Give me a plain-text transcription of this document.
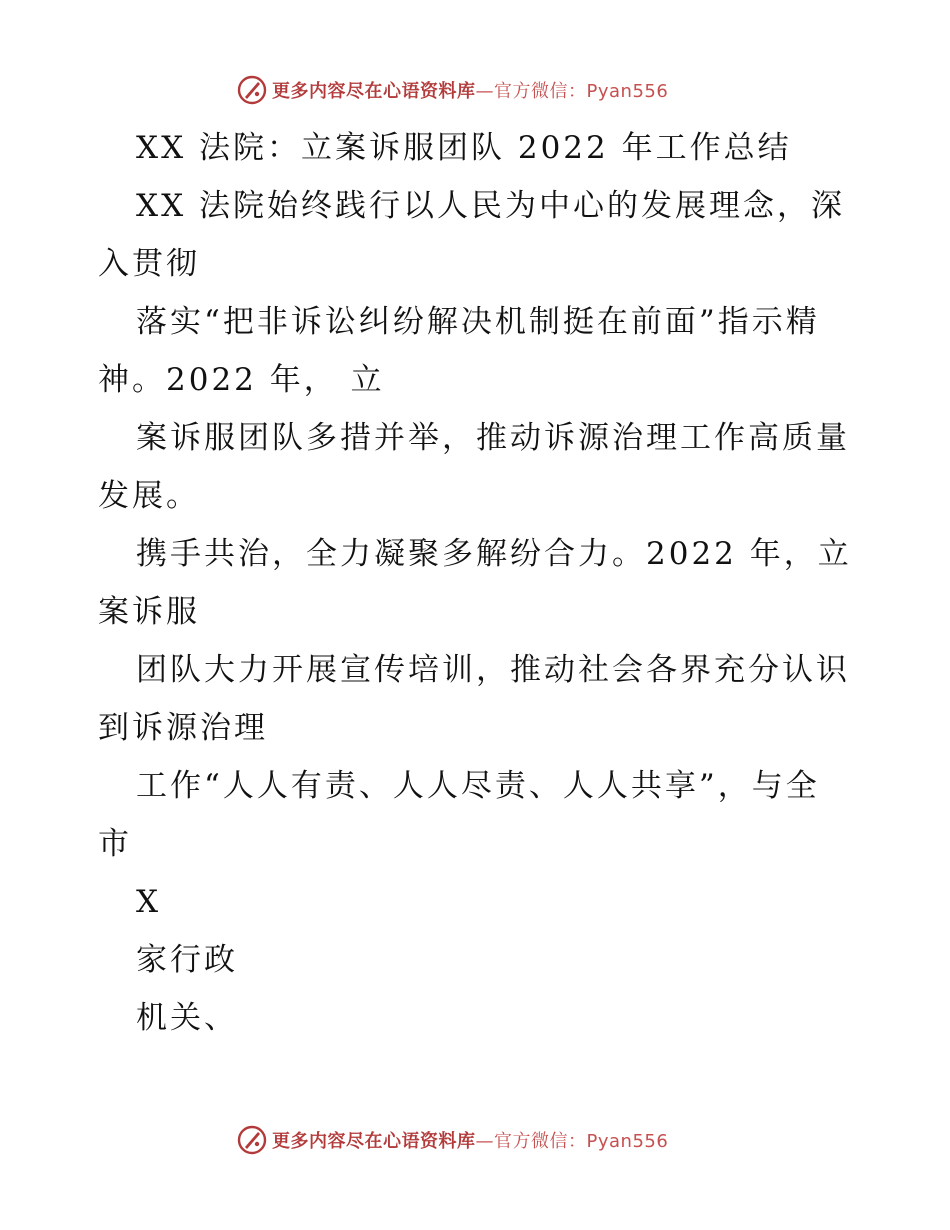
更多内容尽在心语资料库—官方微信：Pyan556
XX 法院：立案诉服团队 2022 年工作总结
XX 法院始终践行以人民为中心的发展理念，深
入贯彻
落实“把非诉讼纠纷解决机制挺在前面”指示精
神。2022 年， 立
案诉服团队多措并举，推动诉源治理工作高质量
发展。
携手共治，全力凝聚多解纷合力。2022 年，立
案诉服
团队大力开展宣传培训，推动社会各界充分认识
到诉源治理
工作“人人有责、人人尽责、人人共享”，与全
市
X
家行政
机关、
更多内容尽在心语资料库—官方微信：Pyan556
